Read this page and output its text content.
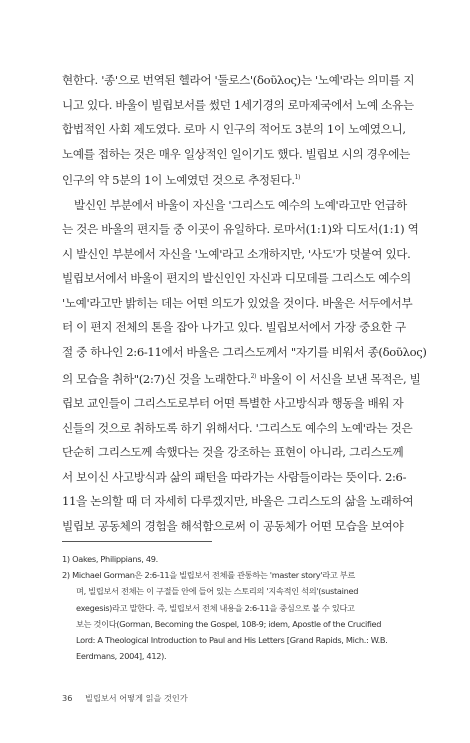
현한다. '종'으로 번역된 헬라어 '둘로스'(δοῦλος)는 '노예'라는 의미를 지
니고 있다. 바울이 빌립보서를 썼던 1세기경의 로마제국에서 노예 소유는
합법적인 사회 제도였다. 로마 시 인구의 적어도 3분의 1이 노예였으니,
노예를 접하는 것은 매우 일상적인 일이기도 했다. 빌립보 시의 경우에는
인구의 약 5분의 1이 노예였던 것으로 추정된다.$^{1)}$
발신인 부분에서 바울이 자신을 '그리스도 예수의 노예'라고만 언급하
는 것은 바울의 편지들 중 이곳이 유일하다. 로마서(1:1)와 디도서(1:1) 역
시 발신인 부분에서 자신을 '노예'라고 소개하지만, '사도'가 덧붙여 있다.
빌립보서에서 바울이 편지의 발신인인 자신과 디모데를 그리스도 예수의
'노예'라고만 밝히는 데는 어떤 의도가 있었을 것이다. 바울은 서두에서부
터 이 편지 전체의 톤을 잡아 나가고 있다. 빌립보서에서 가장 중요한 구
절 중 하나인 2:6-11에서 바울은 그리스도께서 "자기를 비워서 종(δοῦλος)
의 모습을 취하"(2:7)신 것을 노래한다.$^{2)}$ 바울이 이 서신을 보낸 목적은, 빌
립보 교인들이 그리스도로부터 어떤 특별한 사고방식과 행동을 배워 자
신들의 것으로 취하도록 하기 위해서다. '그리스도 예수의 노예'라는 것은
단순히 그리스도께 속했다는 것을 강조하는 표현이 아니라, 그리스도께
서 보이신 사고방식과 삶의 패턴을 따라가는 사람들이라는 뜻이다. 2:6-
11을 논의할 때 더 자세히 다루겠지만, 바울은 그리스도의 삶을 노래하여
빌립보 공동체의 경험을 해석함으로써 이 공동체가 어떤 모습을 보여야
1) Oakes, Philippians, 49.
2) Michael Gorman은 2:6-11을 빌립보서 전체를 관통하는 'master story'라고 부르
며, 빌립보서 전체는 이 구절들 안에 들어 있는 스토리의 '지속적인 석의'(sustained
exegesis)라고 말한다. 즉, 빌립보서 전체 내용을 2:6-11을 중심으로 볼 수 있다고
보는 것이다(Gorman, Becoming the Gospel, 108-9; idem, Apostle of the Crucified
Lord: A Theological Introduction to Paul and His Letters [Grand Rapids, Mich.: W.B.
Eerdmans, 2004], 412).
36 빌립보서 어떻게 읽을 것인가
